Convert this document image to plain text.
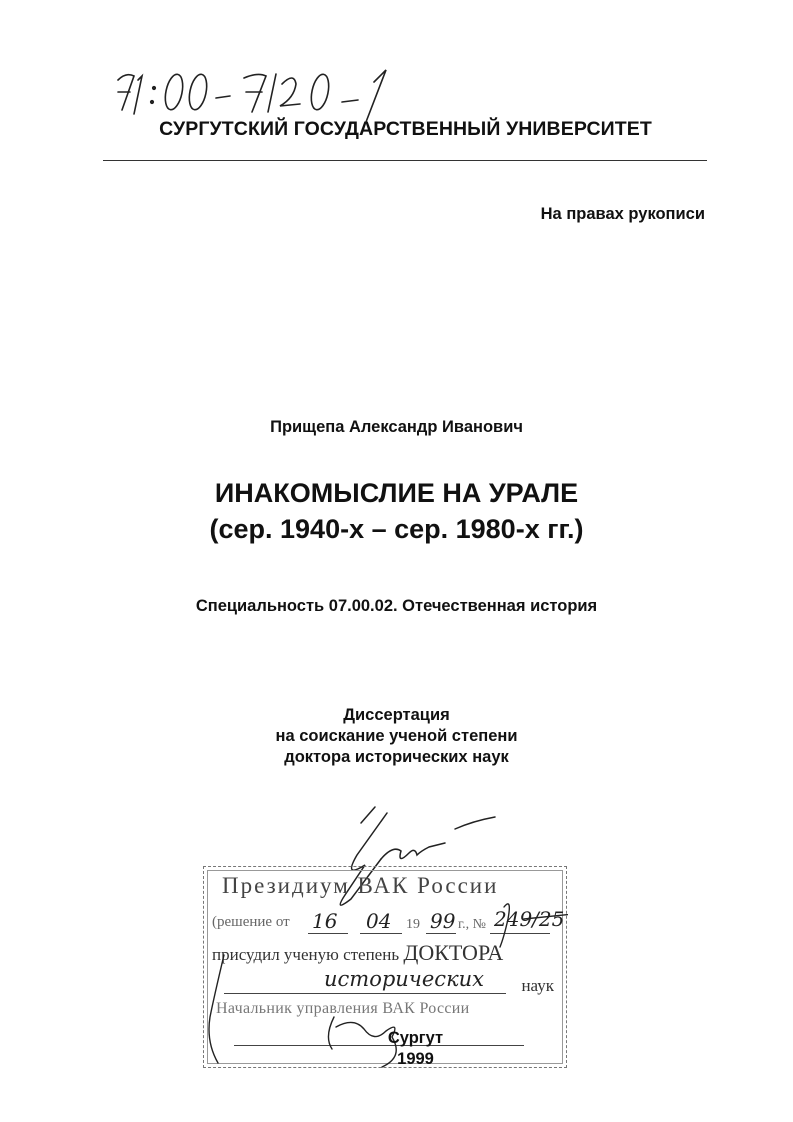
СУРГУТСКИЙ ГОСУДАРСТВЕННЫЙ УНИВЕРСИТЕТ
На правах рукописи
Прищепа Александр Иванович
ИНАКОМЫСЛИЕ НА УРАЛЕ
(сер. 1940-х – сер. 1980-х гг.)
Специальность 07.00.02. Отечественная история
Диссертация
на соискание ученой степени
доктора исторических наук
Президиум ВАК России
(решение от 16 04 19 99 г., № 249/25
присудил ученую степень ДОКТОРА
исторических наук
Начальник управления ВАК России
Сургут
1999
